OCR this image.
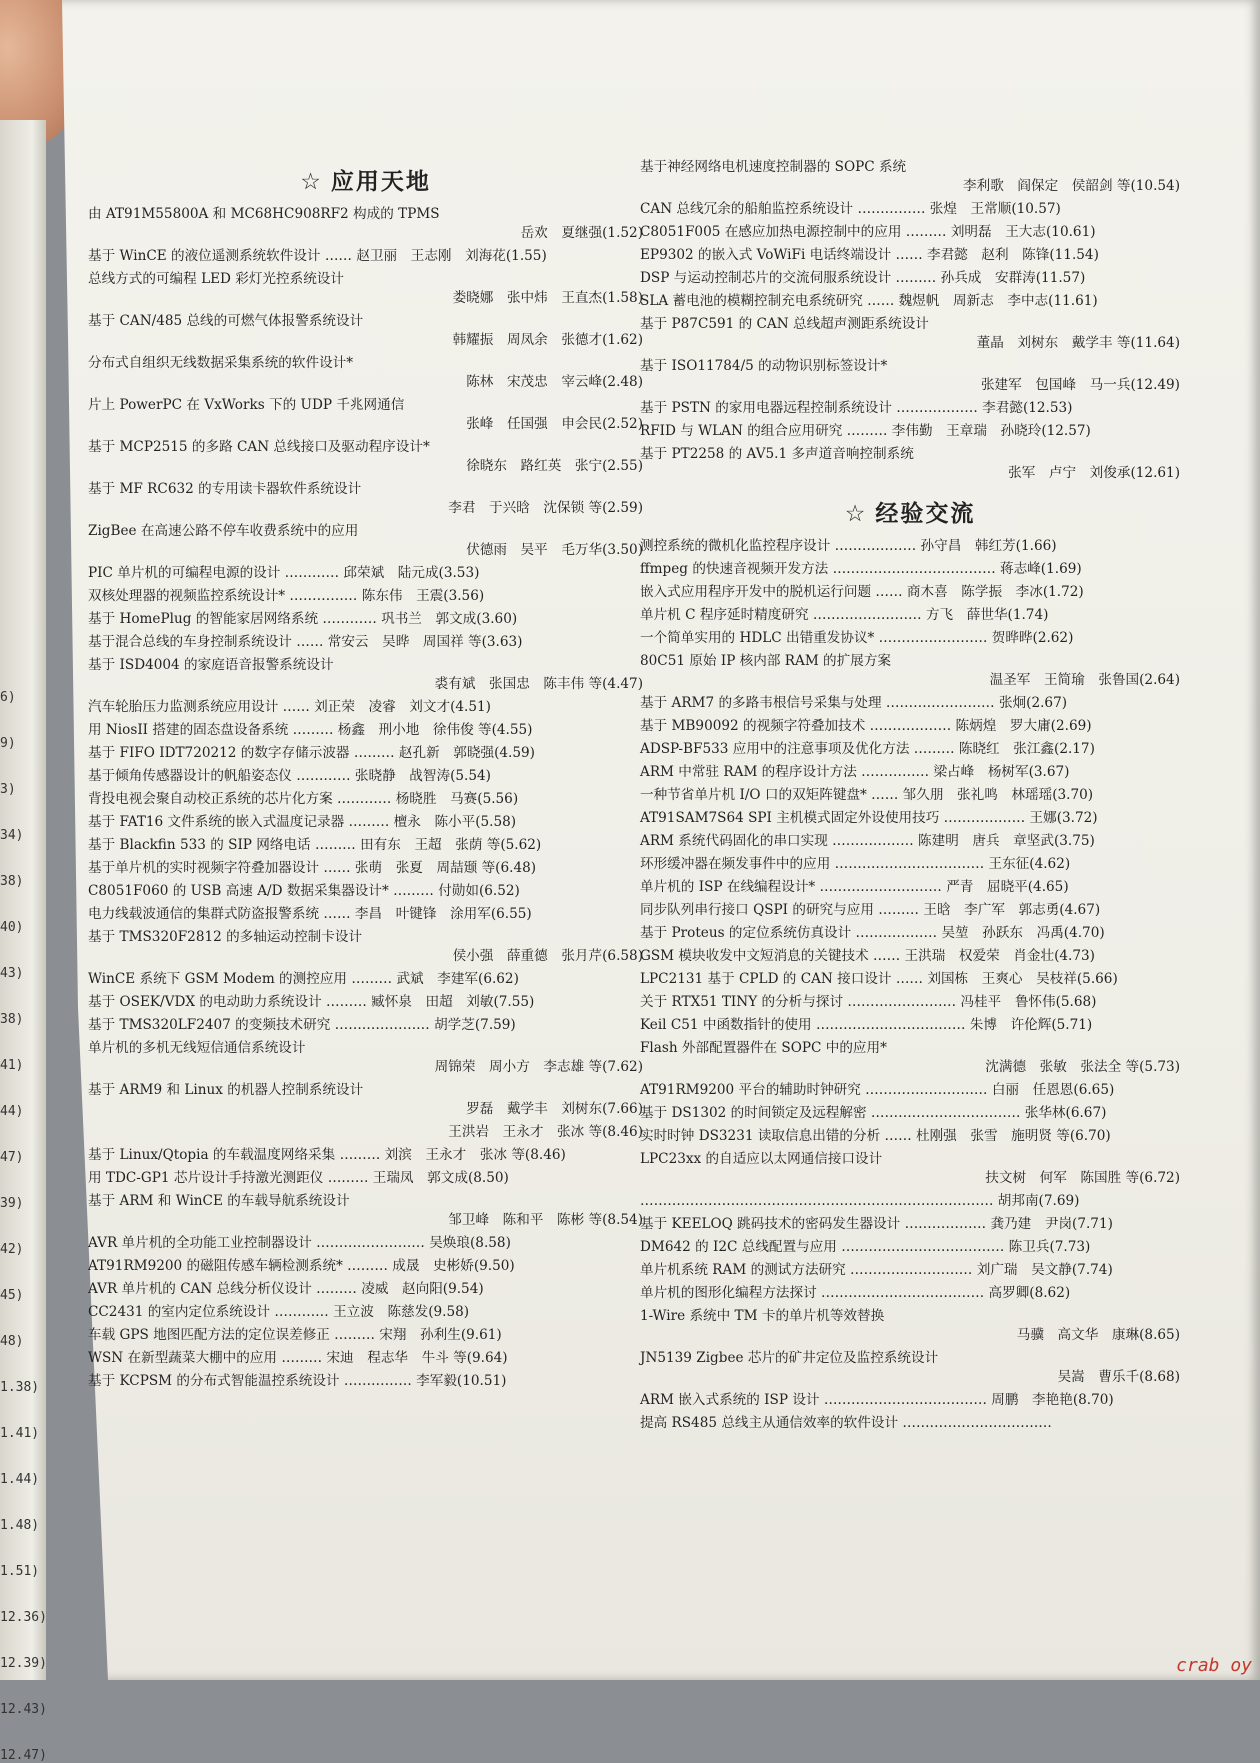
6)
9)
3)
34)
38)
40)
43)
38)
41)
44)
47)
39)
42)
45)
48)
1.38)
1.41)
1.44)
1.48)
1.51)
12.36)
12.39)
12.43)
12.47)
☆ 应用天地
由 AT91M55800A 和 MC68HC908RF2 构成的 TPMS
岳欢　夏继强(1.52)
基于 WinCE 的液位遥测系统软件设计 …… 赵卫丽　王志刚　刘海花(1.55)
总线方式的可编程 LED 彩灯光控系统设计
娄晓娜　张中炜　王直杰(1.58)
基于 CAN/485 总线的可燃气体报警系统设计
韩耀振　周凤余　张德才(1.62)
分布式自组织无线数据采集系统的软件设计*
陈林　宋茂忠　宰云峰(2.48)
片上 PowerPC 在 VxWorks 下的 UDP 千兆网通信
张峰　任国强　申会民(2.52)
基于 MCP2515 的多路 CAN 总线接口及驱动程序设计*
徐晓东　路红英　张宁(2.55)
基于 MF RC632 的专用读卡器软件系统设计
李君　于兴晗　沈保锁 等(2.59)
ZigBee 在高速公路不停车收费系统中的应用
伏德雨　吴平　毛万华(3.50)
PIC 单片机的可编程电源的设计 ………… 邱荣斌　陆元成(3.53)
双核处理器的视频监控系统设计* …………… 陈东伟　王震(3.56)
基于 HomePlug 的智能家居网络系统 ………… 巩书兰　郭文成(3.60)
基于混合总线的车身控制系统设计 …… 常安云　吴晔　周国祥 等(3.63)
基于 ISD4004 的家庭语音报警系统设计
裘有斌　张国忠　陈丰伟 等(4.47)
汽车轮胎压力监测系统应用设计 …… 刘正荣　凌睿　刘文才(4.51)
用 NiosII 搭建的固态盘设备系统 ……… 杨鑫　刑小地　徐伟俊 等(4.55)
基于 FIFO IDT720212 的数字存储示波器 ……… 赵孔新　郭晓强(4.59)
基于倾角传感器设计的帆船姿态仪 ………… 张晓静　战智涛(5.54)
背投电视会聚自动校正系统的芯片化方案 ………… 杨晓胜　马赛(5.56)
基于 FAT16 文件系统的嵌入式温度记录器 ……… 檀永　陈小平(5.58)
基于 Blackfin 533 的 SIP 网络电话 ……… 田有东　王超　张荫 等(5.62)
基于单片机的实时视频字符叠加器设计 …… 张萌　张夏　周喆颋 等(6.48)
C8051F060 的 USB 高速 A/D 数据采集器设计* ……… 付勋如(6.52)
电力线载波通信的集群式防盗报警系统 …… 李昌　叶键锋　涂用军(6.55)
基于 TMS320F2812 的多轴运动控制卡设计
侯小强　薛重德　张月芹(6.58)
WinCE 系统下 GSM Modem 的测控应用 ……… 武斌　李建军(6.62)
基于 OSEK/VDX 的电动助力系统设计 ……… 臧怀泉　田超　刘敏(7.55)
基于 TMS320LF2407 的变频技术研究 ………………… 胡学芝(7.59)
单片机的多机无线短信通信系统设计
周锦荣　周小方　李志雄 等(7.62)
基于 ARM9 和 Linux 的机器人控制系统设计
罗磊　戴学丰　刘树东(7.66)
王洪岩　王永才　张冰 等(8.46)
基于 Linux/Qtopia 的车载温度网络采集 ……… 刘滨　王永才　张冰 等(8.46)
用 TDC-GP1 芯片设计手持激光测距仪 ……… 王瑞凤　郭文成(8.50)
基于 ARM 和 WinCE 的车载导航系统设计
邹卫峰　陈和平　陈彬 等(8.54)
AVR 单片机的全功能工业控制器设计 …………………… 吴焕琅(8.58)
AT91RM9200 的磁阻传感车辆检测系统* ……… 成晟　史彬娇(9.50)
AVR 单片机的 CAN 总线分析仪设计 ……… 凌威　赵向阳(9.54)
CC2431 的室内定位系统设计 ………… 王立波　陈慈发(9.58)
车载 GPS 地图匹配方法的定位误差修正 ……… 宋翔　孙利生(9.61)
WSN 在新型蔬菜大棚中的应用 ……… 宋迪　程志华　牛斗 等(9.64)
基于 KCPSM 的分布式智能温控系统设计 …………… 李军毅(10.51)
基于神经网络电机速度控制器的 SOPC 系统
李利歌　阎保定　侯韶剑 等(10.54)
CAN 总线冗余的船舶监控系统设计 …………… 张煌　王常顺(10.57)
C8051F005 在感应加热电源控制中的应用 ……… 刘明磊　王大志(10.61)
EP9302 的嵌入式 VoWiFi 电话终端设计 …… 李君懿　赵利　陈锋(11.54)
DSP 与运动控制芯片的交流伺服系统设计 ……… 孙兵成　安群涛(11.57)
SLA 蓄电池的模糊控制充电系统研究 …… 魏煜帆　周新志　李中志(11.61)
基于 P87C591 的 CAN 总线超声测距系统设计
董晶　刘树东　戴学丰 等(11.64)
基于 ISO11784/5 的动物识别标签设计*
张建军　包国峰　马一兵(12.49)
基于 PSTN 的家用电器远程控制系统设计 ……………… 李君懿(12.53)
RFID 与 WLAN 的组合应用研究 ……… 李伟勤　王章瑞　孙晓玲(12.57)
基于 PT2258 的 AV5.1 多声道音响控制系统
张军　卢宁　刘俊承(12.61)
☆ 经验交流
测控系统的微机化监控程序设计 ……………… 孙守昌　韩红芳(1.66)
ffmpeg 的快速音视频开发方法 ……………………………… 蒋志峰(1.69)
嵌入式应用程序开发中的脱机运行问题 …… 商木喜　陈学振　李冰(1.72)
单片机 C 程序延时精度研究 …………………… 方飞　薛世华(1.74)
一个简单实用的 HDLC 出错重发协议* …………………… 贺晔晔(2.62)
80C51 原始 IP 核内部 RAM 的扩展方案
温圣军　王简瑜　张鲁国(2.64)
基于 ARM7 的多路韦根信号采集与处理 …………………… 张炯(2.67)
基于 MB90092 的视频字符叠加技术 ……………… 陈炳煌　罗大庸(2.69)
ADSP-BF533 应用中的注意事项及优化方法 ……… 陈晓红　张江鑫(2.17)
ARM 中常驻 RAM 的程序设计方法 …………… 梁占峰　杨树军(3.67)
一种节省单片机 I/O 口的双矩阵键盘* …… 邹久朋　张礼鸣　林瑶瑶(3.70)
AT91SAM7S64 SPI 主机模式固定外设使用技巧 ……………… 王娜(3.72)
ARM 系统代码固化的串口实现 ……………… 陈建明　唐兵　章坚武(3.75)
环形缓冲器在频发事件中的应用 …………………………… 王东征(4.62)
单片机的 ISP 在线编程设计* ……………………… 严青　屈晓平(4.65)
同步队列串行接口 QSPI 的研究与应用 ……… 王晗　李广军　郭志勇(4.67)
基于 Proteus 的定位系统仿真设计 ……………… 吴堃　孙跃东　冯禹(4.70)
GSM 模块收发中文短消息的关键技术 …… 王洪瑞　权爱荣　肖金壮(4.73)
LPC2131 基于 CPLD 的 CAN 接口设计 …… 刘国栋　王爽心　吴枝祥(5.66)
关于 RTX51 TINY 的分析与探讨 …………………… 冯桂平　鲁怀伟(5.68)
Keil C51 中函数指针的使用 …………………………… 朱博　许伦辉(5.71)
Flash 外部配置器件在 SOPC 中的应用*
沈满德　张敏　张法全 等(5.73)
AT91RM9200 平台的辅助时钟研究 ……………………… 白丽　任恩恩(6.65)
基于 DS1302 的时间锁定及远程解密 …………………………… 张华林(6.67)
实时时钟 DS3231 读取信息出错的分析 …… 杜刚强　张雪　施明贤 等(6.70)
LPC23xx 的自适应以太网通信接口设计
扶文树　何军　陈国胜 等(6.72)
…………………………………………………………………… 胡邦南(7.69)
基于 KEELOQ 跳码技术的密码发生器设计 ……………… 龚乃建　尹岗(7.71)
DM642 的 I2C 总线配置与应用 ……………………………… 陈卫兵(7.73)
单片机系统 RAM 的测试方法研究 ……………………… 刘广瑞　吴文静(7.74)
单片机的图形化编程方法探讨 ……………………………… 高罗卿(8.62)
1-Wire 系统中 TM 卡的单片机等效替换
马骥　高文华　康琳(8.65)
JN5139 Zigbee 芯片的矿井定位及监控系统设计
吴嵩　曹乐千(8.68)
ARM 嵌入式系统的 ISP 设计 ……………………………… 周鹏　李艳艳(8.70)
提高 RS485 总线主从通信效率的软件设计 ……………………………
crab oy
